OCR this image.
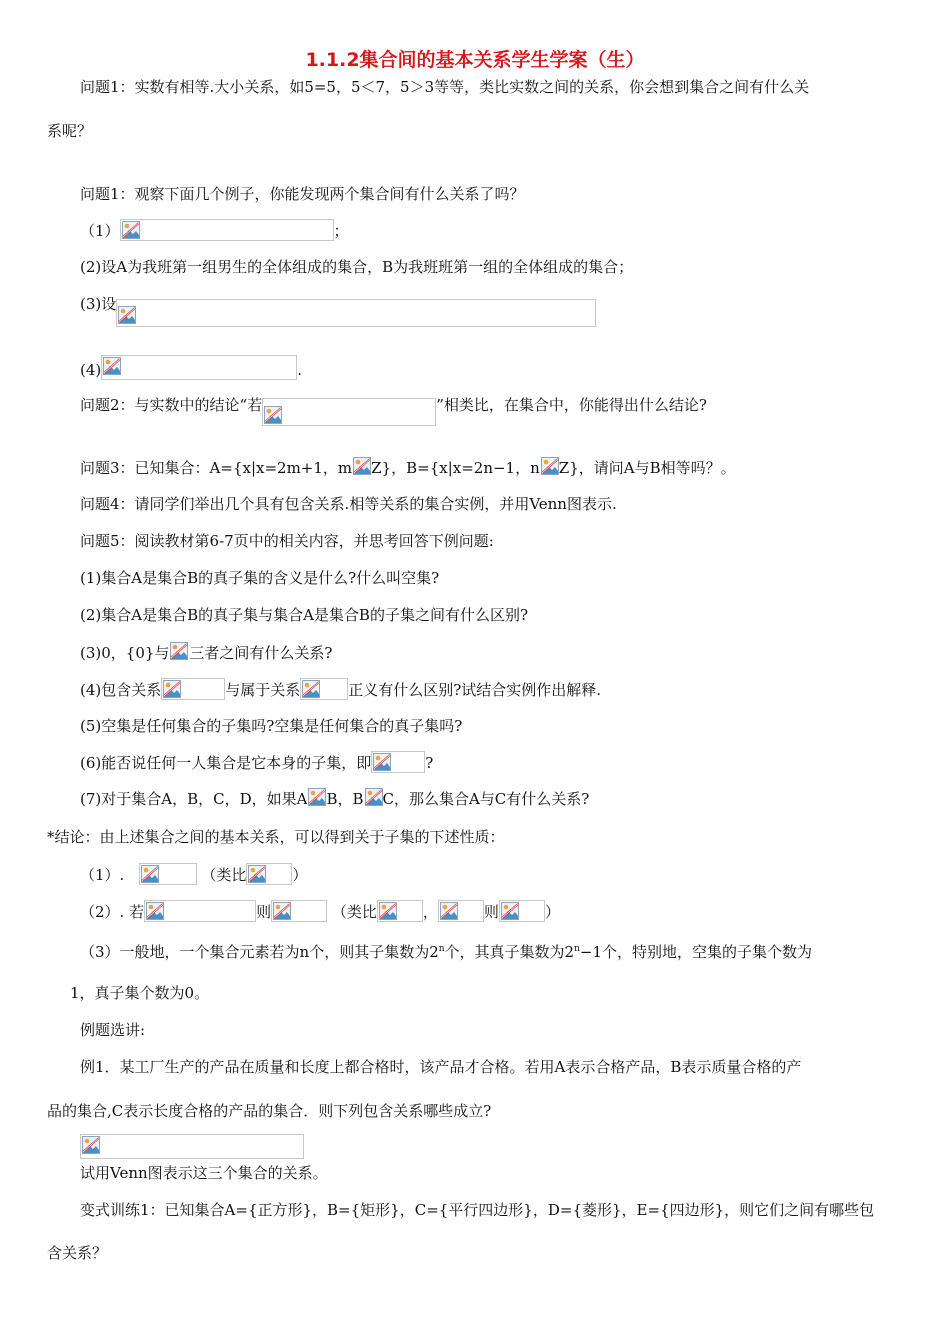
1.1.2集合间的基本关系学生学案（生）
问题1：实数有相等.大小关系，如5=5，5＜7，5＞3等等，类比实数之间的关系，你会想到集合之间有什么关
系呢？
问题1：观察下面几个例子，你能发现两个集合间有什么关系了吗？
（1）	；
(2)设A为我班第一组男生的全体组成的集合，B为我班班第一组的全体组成的集合；
(3)设
(4)	.
问题2：与实数中的结论“若	”相类比，在集合中，你能得出什么结论?
问题3：已知集合：A={x|x=2m+1，m Z}，B={x|x=2n−1，n Z}，请问A与B相等吗？。
问题4：请同学们举出几个具有包含关系.相等关系的集合实例，并用Venn图表示.
问题5：阅读教材第6-7页中的相关内容，并思考回答下例问题:
(1)集合A是集合B的真子集的含义是什么?什么叫空集?
(2)集合A是集合B的真子集与集合A是集合B的子集之间有什么区别?
(3)0，{0}与 三者之间有什么关系?
(4)包含关系	与属于关系	正义有什么区别?试结合实例作出解释.
(5)空集是任何集合的子集吗?空集是任何集合的真子集吗?
(6)能否说任何一人集合是它本身的子集，即	?
(7)对于集合A，B，C，D，如果A B，B C，那么集合A与C有什么关系?
*结论：由上述集合之间的基本关系，可以得到关于子集的下述性质：
（1）.	（类比	）
（2）. 若	则	（类比	，	则	）
（3）一般地，一个集合元素若为n个，则其子集数为2$^n$个，其真子集数为$2^n-1$个，特别地，空集的子集个数为
1，真子集个数为0。
例题选讲:
例1．某工厂生产的产品在质量和长度上都合格时，该产品才合格。若用A表示合格产品，B表示质量合格的产
品的集合,C表示长度合格的产品的集合．则下列包含关系哪些成立?
试用Venn图表示这三个集合的关系。
变式训练1：已知集合A={正方形}，B={矩形}，C={平行四边形}，D={菱形}，E={四边形}，则它们之间有哪些包
含关系？
